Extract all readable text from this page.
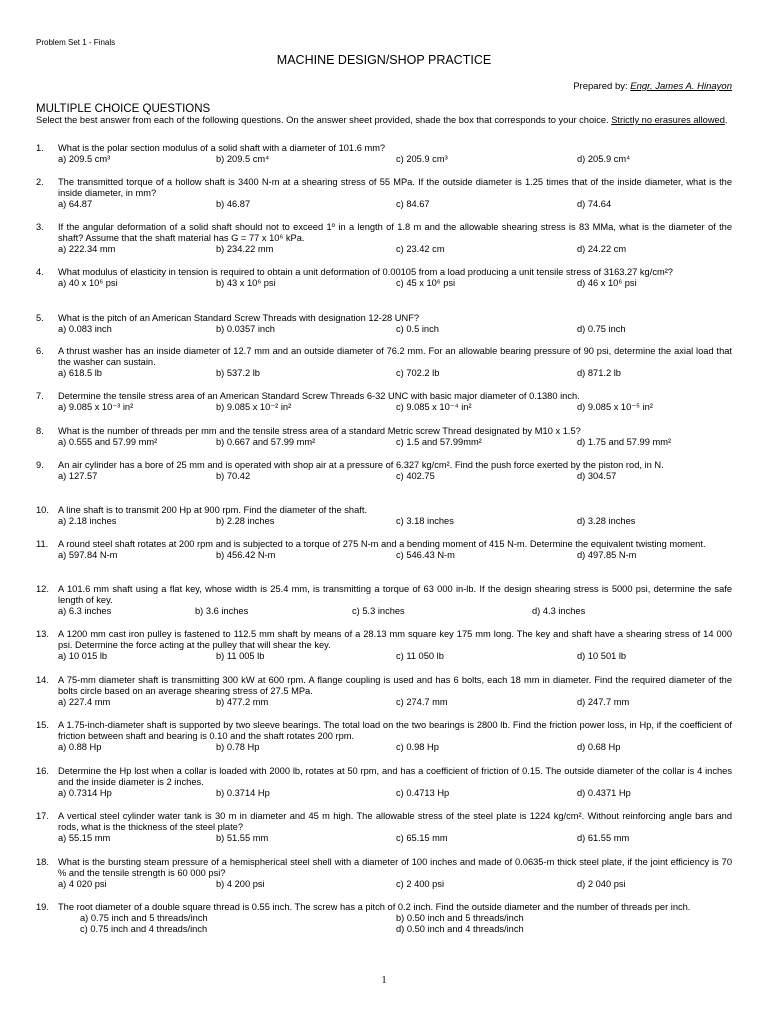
Problem Set 1 - Finals
MACHINE DESIGN/SHOP PRACTICE
Prepared by: Engr. James A. Hinayon
MULTIPLE CHOICE QUESTIONS
Select the best answer from each of the following questions. On the answer sheet provided, shade the box that corresponds to your choice. Strictly no erasures allowed.
1. What is the polar section modulus of a solid shaft with a diameter of 101.6 mm?
a) 209.5 cm³	b) 209.5 cm⁴	c) 205.9 cm³	d) 205.9 cm⁴
2. The transmitted torque of a hollow shaft is 3400 N-m at a shearing stress of 55 MPa. If the outside diameter is 1.25 times that of the inside diameter, what is the inside diameter, in mm?
a) 64.87	b) 46.87	c) 84.67	d) 74.64
3. If the angular deformation of a solid shaft should not to exceed 1º in a length of 1.8 m and the allowable shearing stress is 83 MMa, what is the diameter of the shaft? Assume that the shaft material has G = 77 x 10⁶ kPa.
a) 222.34 mm	b) 234.22 mm	c) 23.42 cm	d) 24.22 cm
4. What modulus of elasticity in tension is required to obtain a unit deformation of 0.00105 from a load producing a unit tensile stress of 3163.27 kg/cm²?
a) 40 x 10⁶ psi	b) 43 x 10⁶ psi	c) 45 x 10⁶ psi	d) 46 x 10⁶ psi
5. What is the pitch of an American Standard Screw Threads with designation 12-28 UNF?
a) 0.083 inch	b) 0.0357 inch	c) 0.5 inch	d) 0.75 inch
6. A thrust washer has an inside diameter of 12.7 mm and an outside diameter of 76.2 mm. For an allowable bearing pressure of 90 psi, determine the axial load that the washer can sustain.
a) 618.5 lb	b) 537.2 lb	c) 702.2 lb	d) 871.2 lb
7. Determine the tensile stress area of an American Standard Screw Threads 6-32 UNC with basic major diameter of 0.1380 inch.
a) 9.085 x 10⁻³ in²	b) 9.085 x 10⁻² in²	c) 9.085 x 10⁻⁴ in²	d) 9.085 x 10⁻⁵ in²
8. What is the number of threads per mm and the tensile stress area of a standard Metric screw Thread designated by M10 x 1.5?
a) 0.555 and 57.99 mm²	b) 0.667 and 57.99 mm²	c) 1.5 and 57.99mm²	d) 1.75 and 57.99 mm²
9. An air cylinder has a bore of 25 mm and is operated with shop air at a pressure of 6.327 kg/cm². Find the push force exerted by the piston rod, in N.
a) 127.57	b) 70.42	c) 402.75	d) 304.57
10. A line shaft is to transmit 200 Hp at 900 rpm. Find the diameter of the shaft.
a) 2.18 inches	b) 2.28 inches	c) 3.18 inches	d) 3.28 inches
11. A round steel shaft rotates at 200 rpm and is subjected to a torque of 275 N-m and a bending moment of 415 N-m. Determine the equivalent twisting moment.
a) 597.84 N-m	b) 456.42 N-m	c) 546.43 N-m	d) 497.85 N-m
12. A 101.6 mm shaft using a flat key, whose width is 25.4 mm, is transmitting a torque of 63 000 in-lb. If the design shearing stress is 5000 psi, determine the safe length of key.
a) 6.3 inches	b) 3.6 inches	c) 5.3 inches	d) 4.3 inches
13. A 1200 mm cast iron pulley is fastened to 112.5 mm shaft by means of a 28.13 mm square key 175 mm long. The key and shaft have a shearing stress of 14 000 psi. Determine the force acting at the pulley that will shear the key.
a) 10 015 lb	b) 11 005 lb	c) 11 050 lb	d) 10 501 lb
14. A 75-mm diameter shaft is transmitting 300 kW at 600 rpm. A flange coupling is used and has 6 bolts, each 18 mm in diameter. Find the required diameter of the bolts circle based on an average shearing stress of 27.5 MPa.
a) 227.4 mm	b) 477.2 mm	c) 274.7 mm	d) 247.7 mm
15. A 1.75-inch-diameter shaft is supported by two sleeve bearings. The total load on the two bearings is 2800 lb. Find the friction power loss, in Hp, if the coefficient of friction between shaft and bearing is 0.10 and the shaft rotates 200 rpm.
a) 0.88 Hp	b) 0.78 Hp	c) 0.98 Hp	d) 0.68 Hp
16. Determine the Hp lost when a collar is loaded with 2000 lb, rotates at 50 rpm, and has a coefficient of friction of 0.15. The outside diameter of the collar is 4 inches and the inside diameter is 2 inches.
a) 0.7314 Hp	b) 0.3714 Hp	c) 0.4713 Hp	d) 0.4371 Hp
17. A vertical steel cylinder water tank is 30 m in diameter and 45 m high. The allowable stress of the steel plate is 1224 kg/cm². Without reinforcing angle bars and rods, what is the thickness of the steel plate?
a) 55.15 mm	b) 51.55 mm	c) 65.15 mm	d) 61.55 mm
18. What is the bursting steam pressure of a hemispherical steel shell with a diameter of 100 inches and made of 0.0635-m thick steel plate, if the joint efficiency is 70 % and the tensile strength is 60 000 psi?
a) 4 020 psi	b) 4 200 psi	c) 2 400 psi	d) 2 040 psi
19. The root diameter of a double square thread is 0.55 inch. The screw has a pitch of 0.2 inch. Find the outside diameter and the number of threads per inch.
a) 0.75 inch and 5 threads/inch	b) 0.50 inch and 5 threads/inch
c) 0.75 inch and 4 threads/inch	d) 0.50 inch and 4 threads/inch
1
